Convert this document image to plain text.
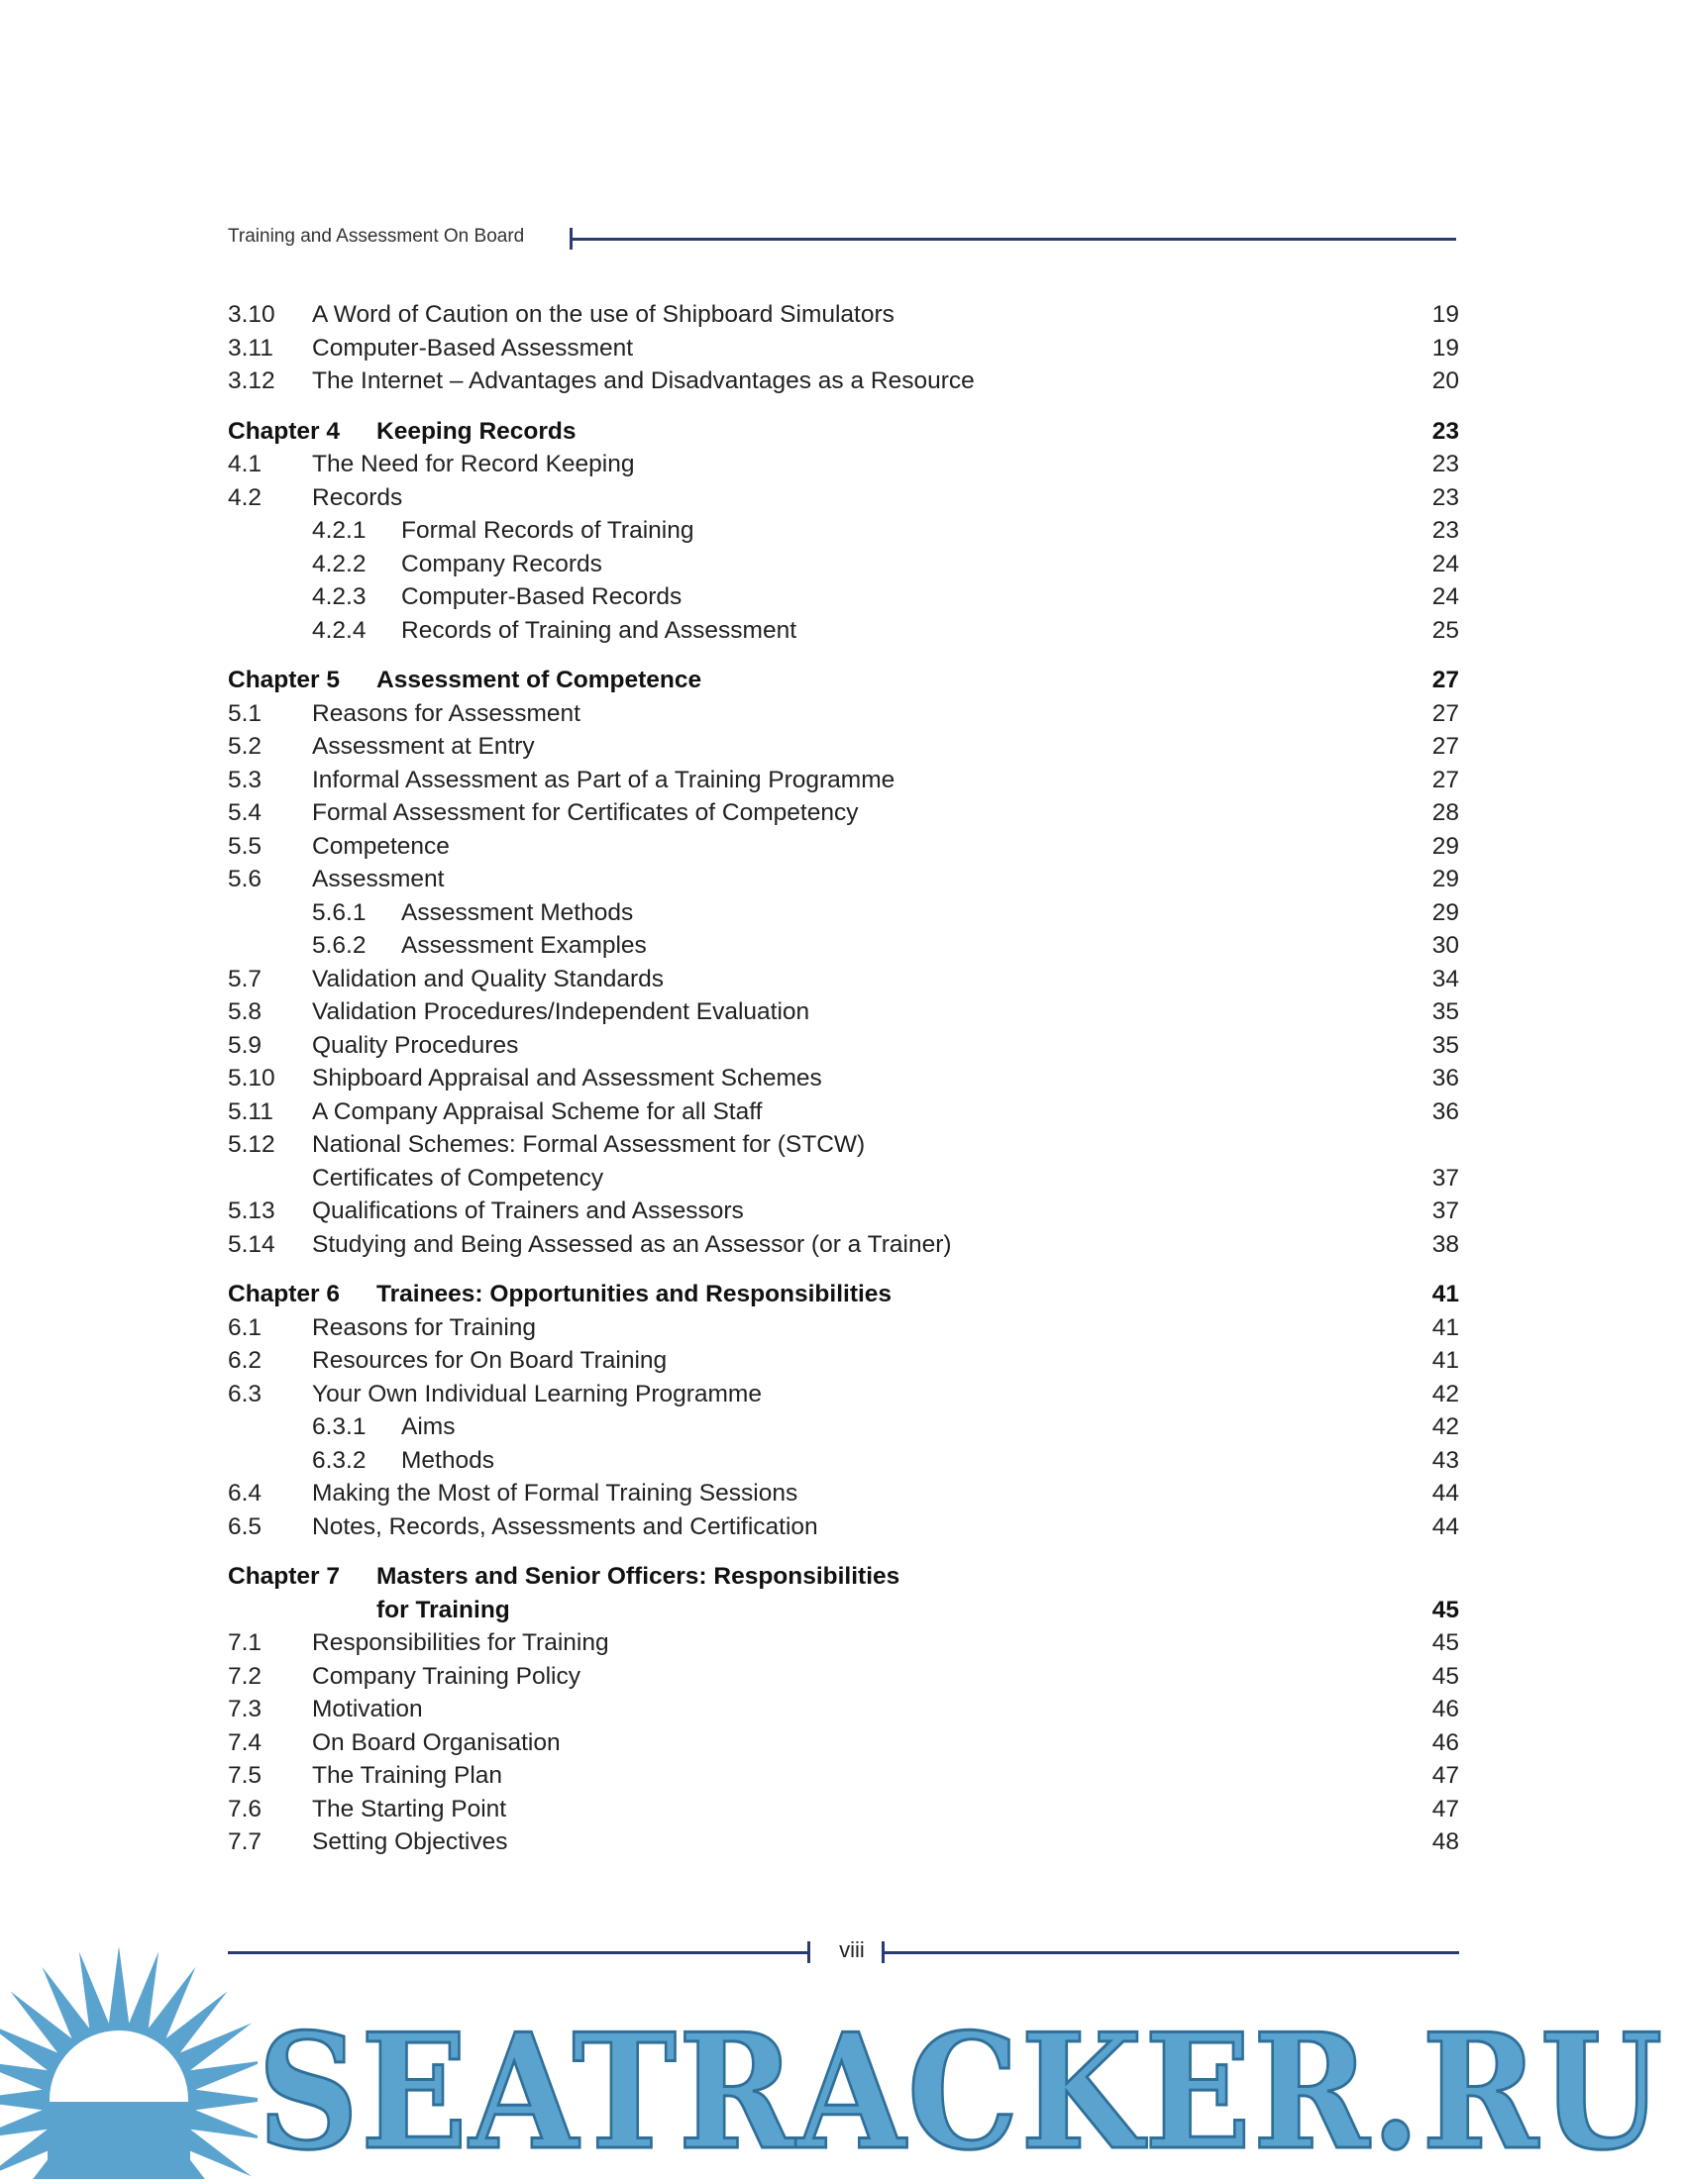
Training and Assessment On Board
3.10 A Word of Caution on the use of Shipboard Simulators	19
3.11 Computer-Based Assessment	19
3.12 The Internet – Advantages and Disadvantages as a Resource	20
Chapter 4 Keeping Records	23
4.1 The Need for Record Keeping	23
4.2 Records	23
4.2.1 Formal Records of Training	23
4.2.2 Company Records	24
4.2.3 Computer-Based Records	24
4.2.4 Records of Training and Assessment	25
Chapter 5 Assessment of Competence	27
5.1 Reasons for Assessment	27
5.2 Assessment at Entry	27
5.3 Informal Assessment as Part of a Training Programme	27
5.4 Formal Assessment for Certificates of Competency	28
5.5 Competence	29
5.6 Assessment	29
5.6.1 Assessment Methods	29
5.6.2 Assessment Examples	30
5.7 Validation and Quality Standards	34
5.8 Validation Procedures/Independent Evaluation	35
5.9 Quality Procedures	35
5.10 Shipboard Appraisal and Assessment Schemes	36
5.11 A Company Appraisal Scheme for all Staff	36
5.12 National Schemes: Formal Assessment for (STCW)
Certificates of Competency	37
5.13 Qualifications of Trainers and Assessors	37
5.14 Studying and Being Assessed as an Assessor (or a Trainer)	38
Chapter 6 Trainees: Opportunities and Responsibilities	41
6.1 Reasons for Training	41
6.2 Resources for On Board Training	41
6.3 Your Own Individual Learning Programme	42
6.3.1 Aims	42
6.3.2 Methods	43
6.4 Making the Most of Formal Training Sessions	44
6.5 Notes, Records, Assessments and Certification	44
Chapter 7 Masters and Senior Officers: Responsibilities
for Training	45
7.1 Responsibilities for Training	45
7.2 Company Training Policy	45
7.3 Motivation	46
7.4 On Board Organisation	46
7.5 The Training Plan	47
7.6 The Starting Point	47
7.7 Setting Objectives	48
viii
SEATRACKER.RU
